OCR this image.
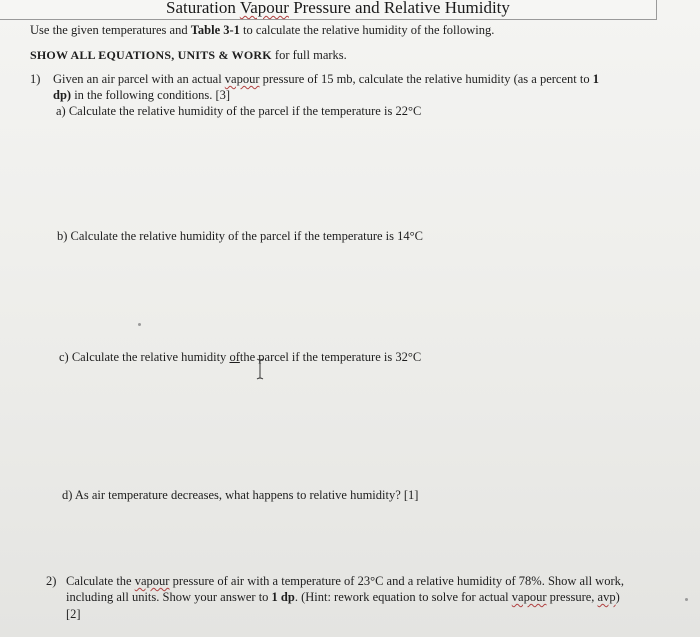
Saturation Vapour Pressure and Relative Humidity
Use the given temperatures and Table 3-1 to calculate the relative humidity of the following.
SHOW ALL EQUATIONS, UNITS & WORK for full marks.
1) Given an air parcel with an actual vapour pressure of 15 mb, calculate the relative humidity (as a percent to 1
dp) in the following conditions. [3]
a) Calculate the relative humidity of the parcel if the temperature is 22°C
b) Calculate the relative humidity of the parcel if the temperature is 14°C
c) Calculate the relative humidity ofthe parcel if the temperature is 32°C
d) As air temperature decreases, what happens to relative humidity? [1]
2) Calculate the vapour pressure of air with a temperature of 23°C and a relative humidity of 78%. Show all work,
including all units. Show your answer to 1 dp. (Hint: rework equation to solve for actual vapour pressure, avp)
[2]
